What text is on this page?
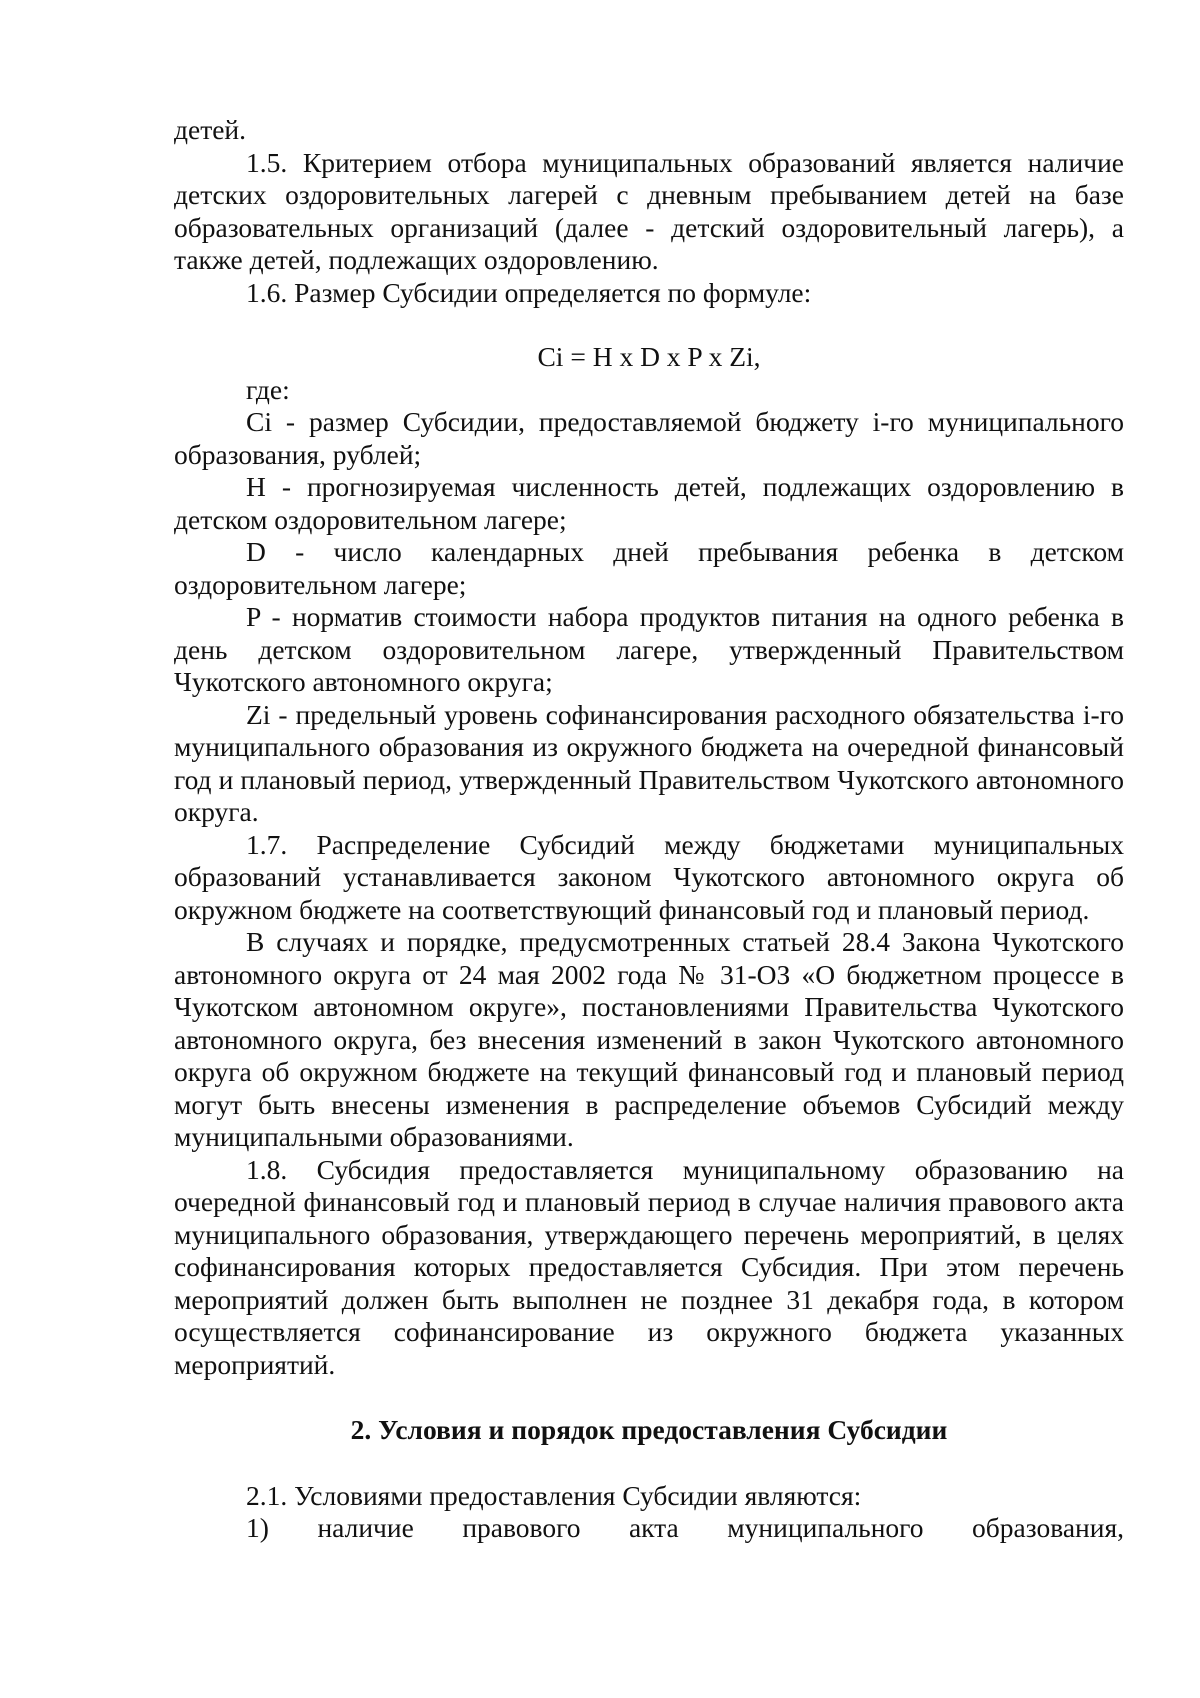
детей.

1.5. Критерием отбора муниципальных образований является наличие детских оздоровительных лагерей с дневным пребыванием детей на базе образовательных организаций (далее - детский оздоровительный лагерь), а также детей, подлежащих оздоровлению.

1.6. Размер Субсидии определяется по формуле:

Ci = H x D x P x Zi,

где:

Ci - размер Субсидии, предоставляемой бюджету i-го муниципального образования, рублей;

H - прогнозируемая численность детей, подлежащих оздоровлению в детском оздоровительном лагере;

D - число календарных дней пребывания ребенка в детском оздоровительном лагере;

P - норматив стоимости набора продуктов питания на одного ребенка в день детском оздоровительном лагере, утвержденный Правительством Чукотского автономного округа;

Zi - предельный уровень софинансирования расходного обязательства i-го муниципального образования из окружного бюджета на очередной финансовый год и плановый период, утвержденный Правительством Чукотского автономного округа.

1.7. Распределение Субсидий между бюджетами муниципальных образований устанавливается законом Чукотского автономного округа об окружном бюджете на соответствующий финансовый год и плановый период.

В случаях и порядке, предусмотренных статьей 28.4 Закона Чукотского автономного округа от 24 мая 2002 года № 31-ОЗ «О бюджетном процессе в Чукотском автономном округе», постановлениями Правительства Чукотского автономного округа, без внесения изменений в закон Чукотского автономного округа об окружном бюджете на текущий финансовый год и плановый период могут быть внесены изменения в распределение объемов Субсидий между муниципальными образованиями.

1.8. Субсидия предоставляется муниципальному образованию на очередной финансовый год и плановый период в случае наличия правового акта муниципального образования, утверждающего перечень мероприятий, в целях софинансирования которых предоставляется Субсидия. При этом перечень мероприятий должен быть выполнен не позднее 31 декабря года, в котором осуществляется софинансирование из окружного бюджета указанных мероприятий.

2. Условия и порядок предоставления Субсидии

2.1. Условиями предоставления Субсидии являются:

1) наличие правового акта муниципального образования,
